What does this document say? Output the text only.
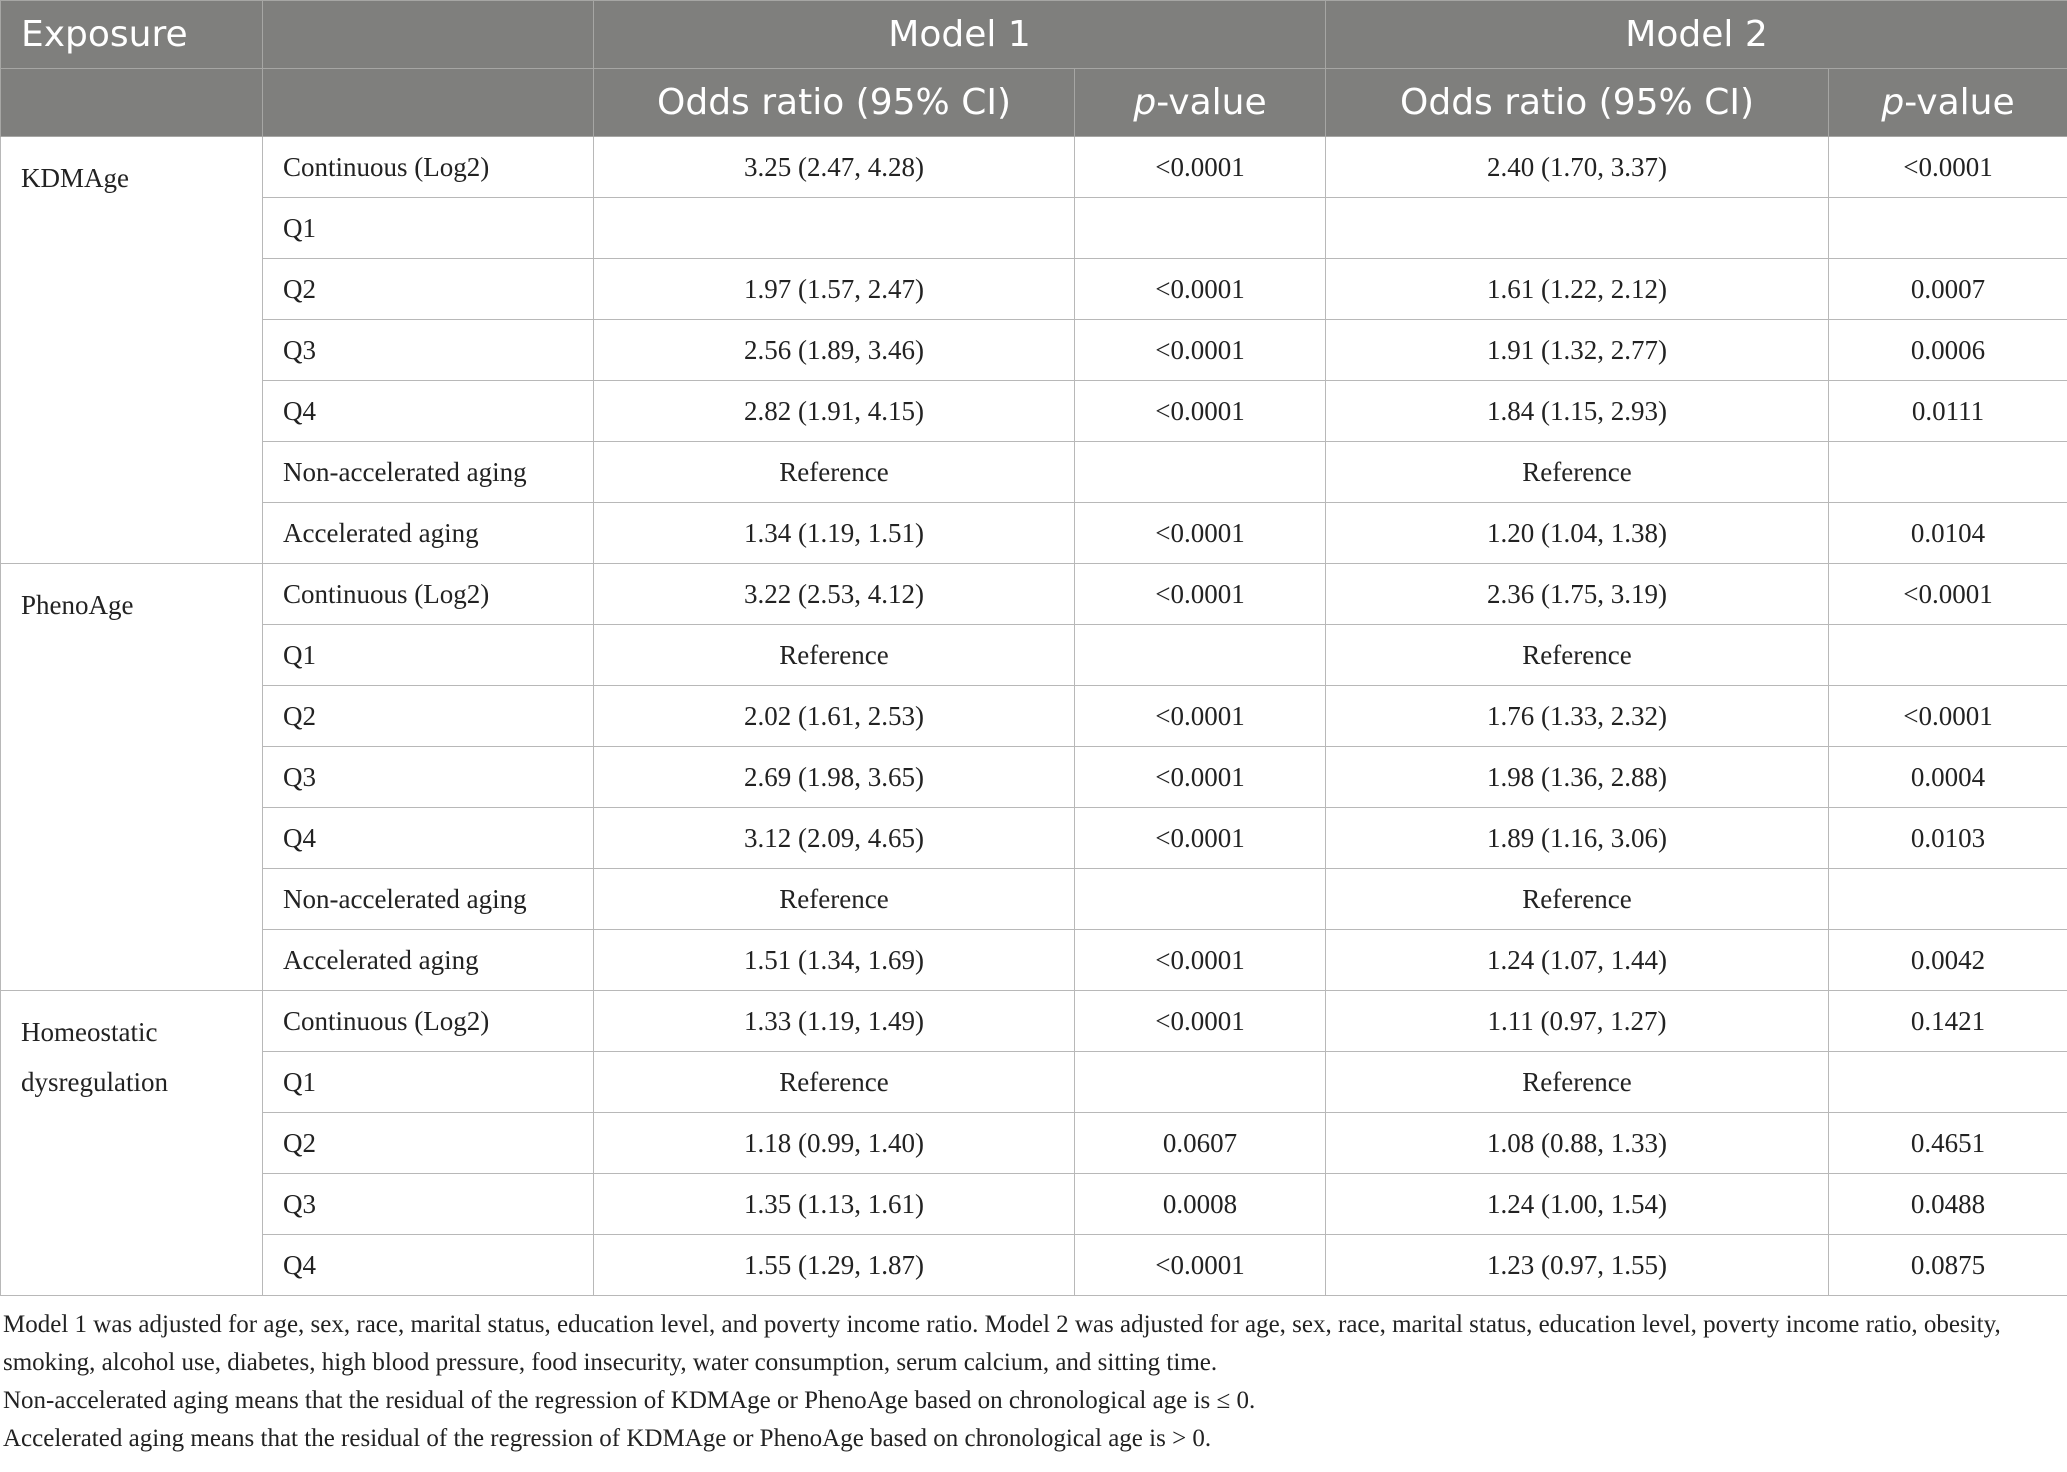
Exposure		Model 1		Model 2	
		Odds ratio (95% CI)	p-value	Odds ratio (95% CI)	p-value
KDMAge	Continuous (Log2)	3.25 (2.47, 4.28)	<0.0001	2.40 (1.70, 3.37)	<0.0001
	Q1				
	Q2	1.97 (1.57, 2.47)	<0.0001	1.61 (1.22, 2.12)	0.0007
	Q3	2.56 (1.89, 3.46)	<0.0001	1.91 (1.32, 2.77)	0.0006
	Q4	2.82 (1.91, 4.15)	<0.0001	1.84 (1.15, 2.93)	0.0111
	Non-accelerated aging	Reference		Reference	
	Accelerated aging	1.34 (1.19, 1.51)	<0.0001	1.20 (1.04, 1.38)	0.0104
PhenoAge	Continuous (Log2)	3.22 (2.53, 4.12)	<0.0001	2.36 (1.75, 3.19)	<0.0001
	Q1	Reference		Reference	
	Q2	2.02 (1.61, 2.53)	<0.0001	1.76 (1.33, 2.32)	<0.0001
	Q3	2.69 (1.98, 3.65)	<0.0001	1.98 (1.36, 2.88)	0.0004
	Q4	3.12 (2.09, 4.65)	<0.0001	1.89 (1.16, 3.06)	0.0103
	Non-accelerated aging	Reference		Reference	
	Accelerated aging	1.51 (1.34, 1.69)	<0.0001	1.24 (1.07, 1.44)	0.0042
Homeostatic dysregulation	Continuous (Log2)	1.33 (1.19, 1.49)	<0.0001	1.11 (0.97, 1.27)	0.1421
	Q1	Reference		Reference	
	Q2	1.18 (0.99, 1.40)	0.0607	1.08 (0.88, 1.33)	0.4651
	Q3	1.35 (1.13, 1.61)	0.0008	1.24 (1.00, 1.54)	0.0488
	Q4	1.55 (1.29, 1.87)	<0.0001	1.23 (0.97, 1.55)	0.0875

Model 1 was adjusted for age, sex, race, marital status, education level, and poverty income ratio. Model 2 was adjusted for age, sex, race, marital status, education level, poverty income ratio, obesity, smoking, alcohol use, diabetes, high blood pressure, food insecurity, water consumption, serum calcium, and sitting time.

Non-accelerated aging means that the residual of the regression of KDMAge or PhenoAge based on chronological age is ≤ 0.

Accelerated aging means that the residual of the regression of KDMAge or PhenoAge based on chronological age is > 0.
